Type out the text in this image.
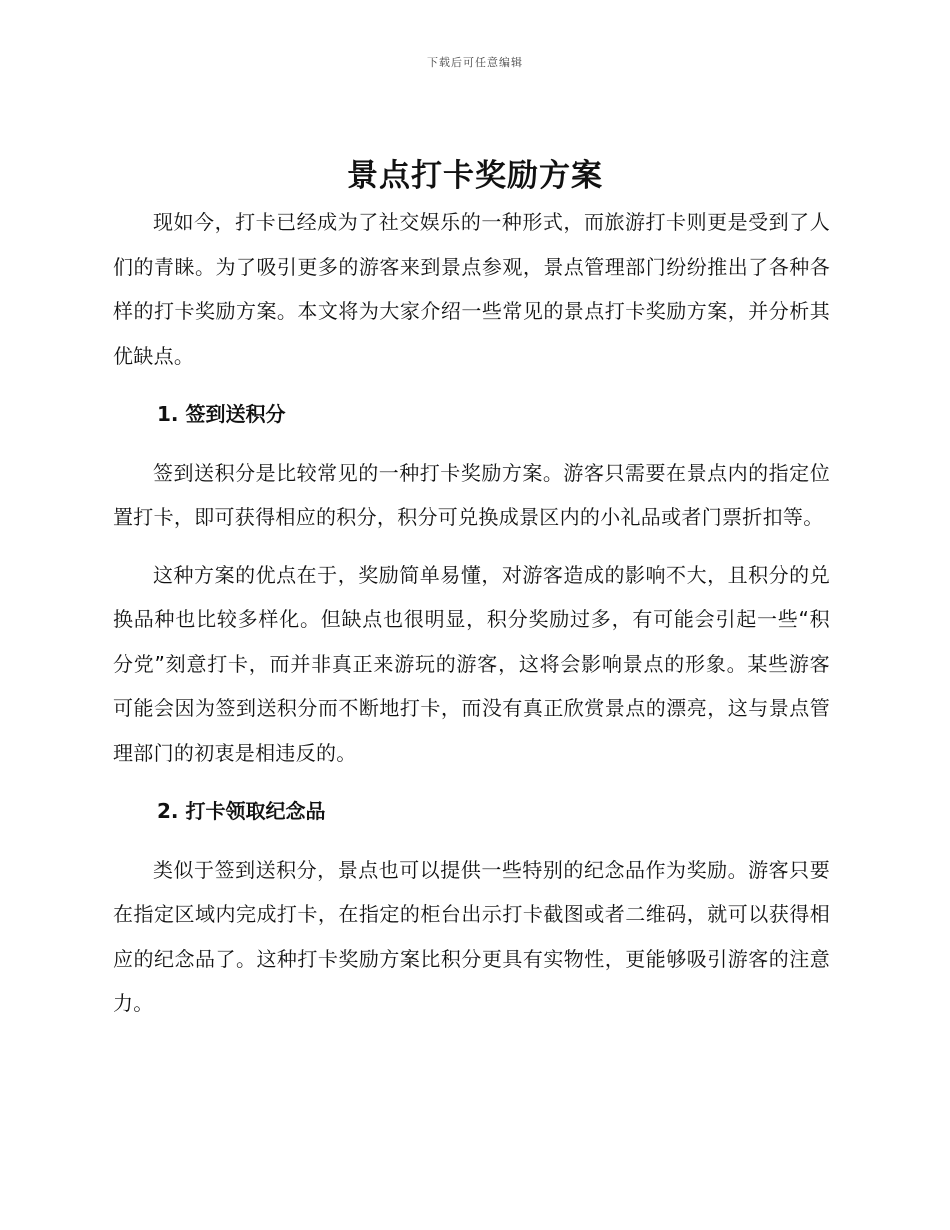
下载后可任意编辑
景点打卡奖励方案

现如今，打卡已经成为了社交娱乐的一种形式，而旅游打卡则更是受到了人们的青睐。为了吸引更多的游客来到景点参观，景点管理部门纷纷推出了各种各样的打卡奖励方案。本文将为大家介绍一些常见的景点打卡奖励方案，并分析其优缺点。

1. 签到送积分

签到送积分是比较常见的一种打卡奖励方案。游客只需要在景点内的指定位置打卡，即可获得相应的积分，积分可兑换成景区内的小礼品或者门票折扣等。

这种方案的优点在于，奖励简单易懂，对游客造成的影响不大，且积分的兑换品种也比较多样化。但缺点也很明显，积分奖励过多，有可能会引起一些“积分党”刻意打卡，而并非真正来游玩的游客，这将会影响景点的形象。某些游客可能会因为签到送积分而不断地打卡，而没有真正欣赏景点的漂亮，这与景点管理部门的初衷是相违反的。

2. 打卡领取纪念品

类似于签到送积分，景点也可以提供一些特别的纪念品作为奖励。游客只要在指定区域内完成打卡，在指定的柜台出示打卡截图或者二维码，就可以获得相应的纪念品了。这种打卡奖励方案比积分更具有实物性，更能够吸引游客的注意力。
